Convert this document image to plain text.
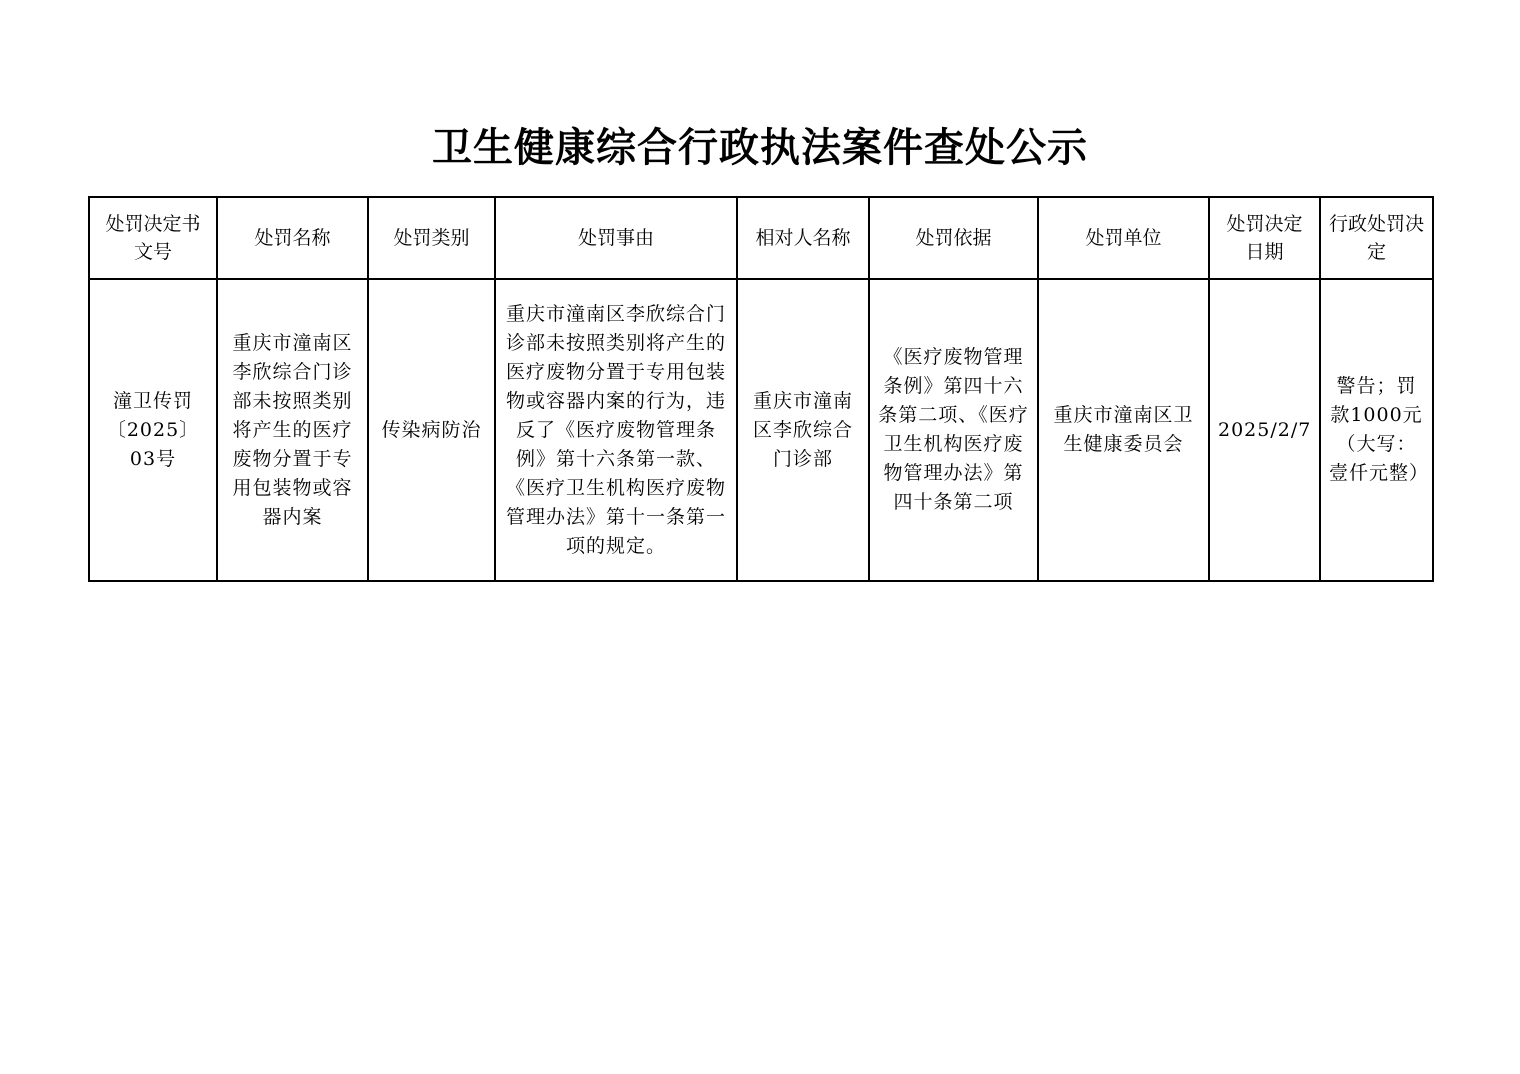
卫生健康综合行政执法案件查处公示
处罚决定书文号	处罚名称	处罚类别	处罚事由	相对人名称	处罚依据	处罚单位	处罚决定日期	行政处罚决定
潼卫传罚〔2025〕03号	重庆市潼南区李欣综合门诊部未按照类别将产生的医疗废物分置于专用包装物或容器内案	传染病防治	重庆市潼南区李欣综合门诊部未按照类别将产生的医疗废物分置于专用包装物或容器内案的行为，违反了《医疗废物管理条例》第十六条第一款、《医疗卫生机构医疗废物管理办法》第十一条第一项的规定。	重庆市潼南区李欣综合门诊部	《医疗废物管理条例》第四十六条第二项、《医疗卫生机构医疗废物管理办法》第四十条第二项	重庆市潼南区卫生健康委员会	2025/2/7	警告；罚款1000元（大写：壹仟元整）
